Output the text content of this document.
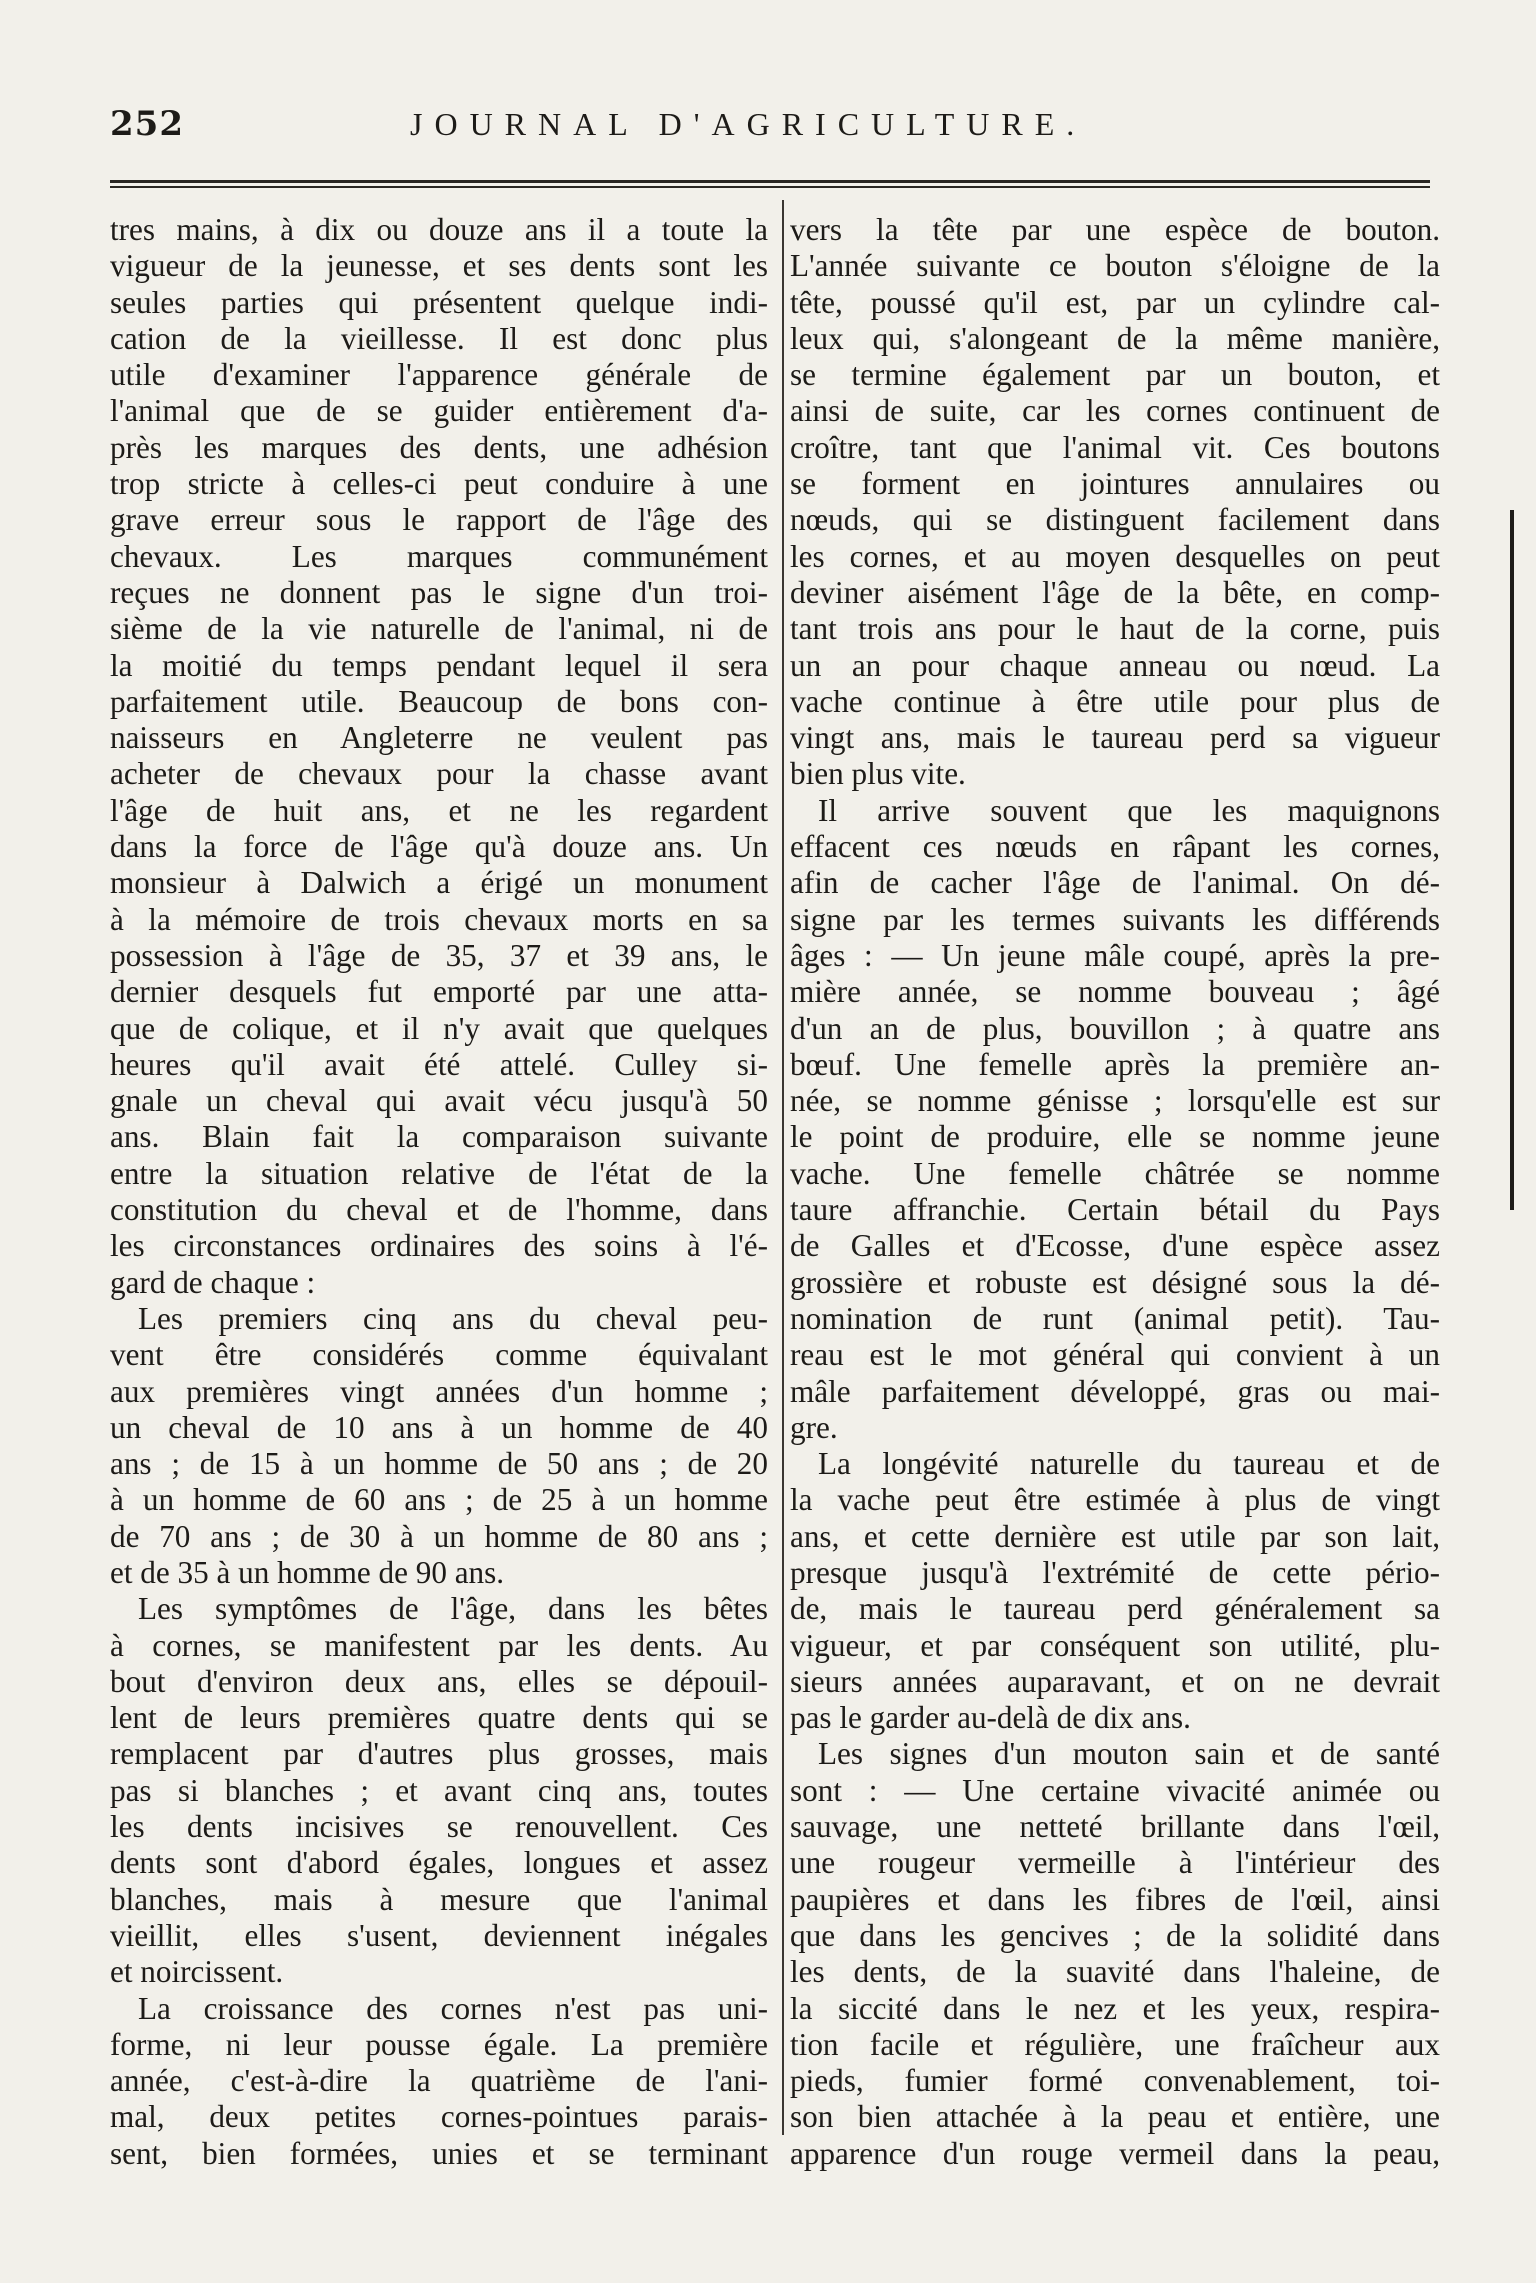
252	JOURNAL D'AGRICULTURE.
tres mains, à dix ou douze ans il a toute la
vigueur de la jeunesse, et ses dents sont les
seules parties qui présentent quelque indi-
cation de la vieillesse. Il est donc plus
utile d'examiner l'apparence générale de
l'animal que de se guider entièrement d'a-
près les marques des dents, une adhésion
trop stricte à celles-ci peut conduire à une
grave erreur sous le rapport de l'âge des
chevaux. Les marques communément
reçues ne donnent pas le signe d'un troi-
sième de la vie naturelle de l'animal, ni de
la moitié du temps pendant lequel il sera
parfaitement utile. Beaucoup de bons con-
naisseurs en Angleterre ne veulent pas
acheter de chevaux pour la chasse avant
l'âge de huit ans, et ne les regardent
dans la force de l'âge qu'à douze ans. Un
monsieur à Dalwich a érigé un monument
à la mémoire de trois chevaux morts en sa
possession à l'âge de 35, 37 et 39 ans, le
dernier desquels fut emporté par une atta-
que de colique, et il n'y avait que quelques
heures qu'il avait été attelé. Culley si-
gnale un cheval qui avait vécu jusqu'à 50
ans. Blain fait la comparaison suivante
entre la situation relative de l'état de la
constitution du cheval et de l'homme, dans
les circonstances ordinaires des soins à l'é-
gard de chaque :
Les premiers cinq ans du cheval peu-
vent être considérés comme équivalant
aux premières vingt années d'un homme ;
un cheval de 10 ans à un homme de 40
ans ; de 15 à un homme de 50 ans ; de 20
à un homme de 60 ans ; de 25 à un homme
de 70 ans ; de 30 à un homme de 80 ans ;
et de 35 à un homme de 90 ans.
Les symptômes de l'âge, dans les bêtes
à cornes, se manifestent par les dents. Au
bout d'environ deux ans, elles se dépouil-
lent de leurs premières quatre dents qui se
remplacent par d'autres plus grosses, mais
pas si blanches ; et avant cinq ans, toutes
les dents incisives se renouvellent. Ces
dents sont d'abord égales, longues et assez
blanches, mais à mesure que l'animal
vieillit, elles s'usent, deviennent inégales
et noircissent.
La croissance des cornes n'est pas uni-
forme, ni leur pousse égale. La première
année, c'est-à-dire la quatrième de l'ani-
mal, deux petites cornes-pointues parais-
sent, bien formées, unies et se terminant
vers la tête par une espèce de bouton.
L'année suivante ce bouton s'éloigne de la
tête, poussé qu'il est, par un cylindre cal-
leux qui, s'alongeant de la même manière,
se termine également par un bouton, et
ainsi de suite, car les cornes continuent de
croître, tant que l'animal vit. Ces boutons
se forment en jointures annulaires ou
nœuds, qui se distinguent facilement dans
les cornes, et au moyen desquelles on peut
deviner aisément l'âge de la bête, en comp-
tant trois ans pour le haut de la corne, puis
un an pour chaque anneau ou nœud. La
vache continue à être utile pour plus de
vingt ans, mais le taureau perd sa vigueur
bien plus vite.
Il arrive souvent que les maquignons
effacent ces nœuds en râpant les cornes,
afin de cacher l'âge de l'animal. On dé-
signe par les termes suivants les différends
âges : — Un jeune mâle coupé, après la pre-
mière année, se nomme bouveau ; âgé
d'un an de plus, bouvillon ; à quatre ans
bœuf. Une femelle après la première an-
née, se nomme génisse ; lorsqu'elle est sur
le point de produire, elle se nomme jeune
vache. Une femelle châtrée se nomme
taure affranchie. Certain bétail du Pays
de Galles et d'Ecosse, d'une espèce assez
grossière et robuste est désigné sous la dé-
nomination de runt (animal petit). Tau-
reau est le mot général qui convient à un
mâle parfaitement développé, gras ou mai-
gre.
La longévité naturelle du taureau et de
la vache peut être estimée à plus de vingt
ans, et cette dernière est utile par son lait,
presque jusqu'à l'extrémité de cette pério-
de, mais le taureau perd généralement sa
vigueur, et par conséquent son utilité, plu-
sieurs années auparavant, et on ne devrait
pas le garder au-delà de dix ans.
Les signes d'un mouton sain et de santé
sont : — Une certaine vivacité animée ou
sauvage, une netteté brillante dans l'œil,
une rougeur vermeille à l'intérieur des
paupières et dans les fibres de l'œil, ainsi
que dans les gencives ; de la solidité dans
les dents, de la suavité dans l'haleine, de
la siccité dans le nez et les yeux, respira-
tion facile et régulière, une fraîcheur aux
pieds, fumier formé convenablement, toi-
son bien attachée à la peau et entière, une
apparence d'un rouge vermeil dans la peau,
